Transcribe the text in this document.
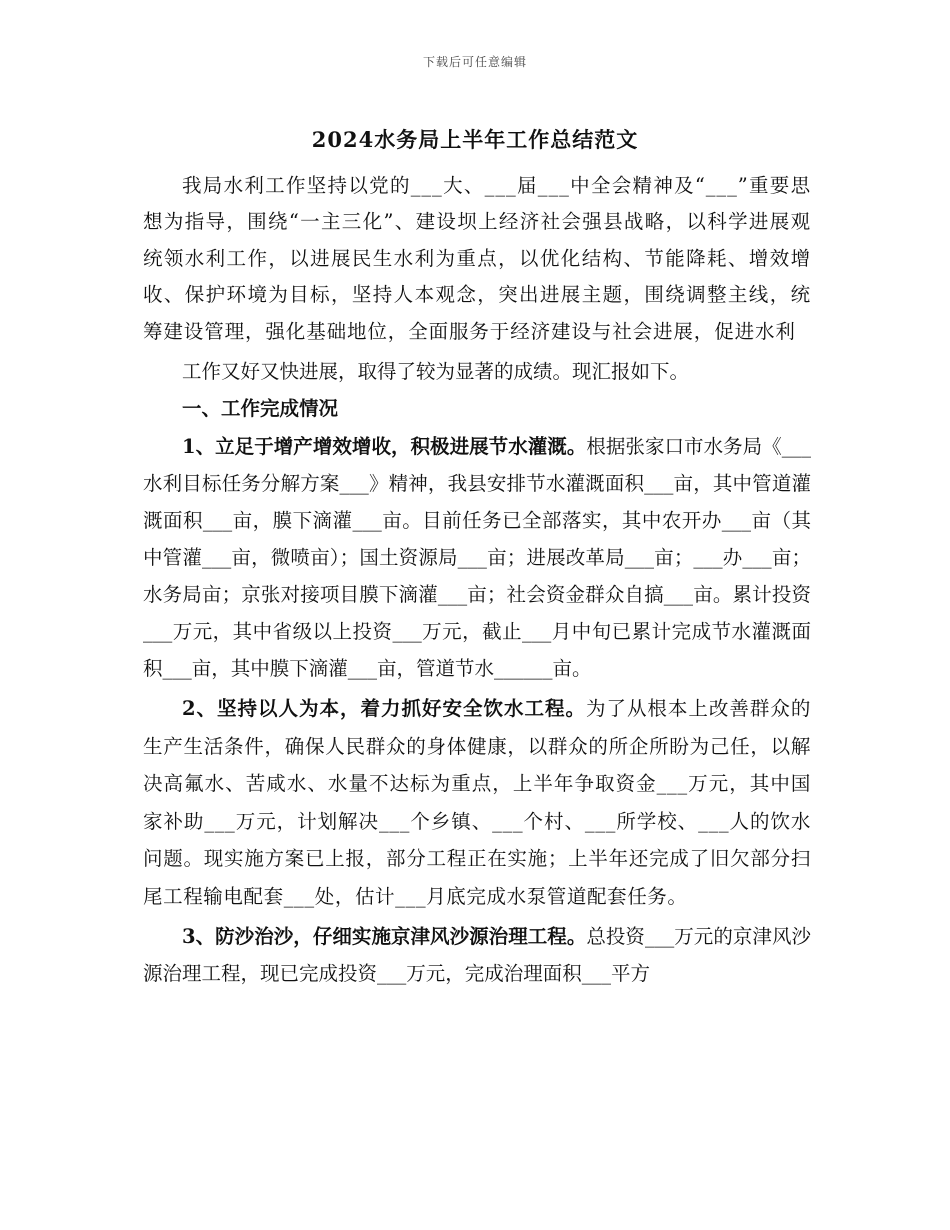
下载后可任意编辑
2024水务局上半年工作总结范文

我局水利工作坚持以党的___大、___届___中全会精神及“___”重要思想为指导，围绕“一主三化”、建设坝上经济社会强县战略，以科学进展观统领水利工作，以进展民生水利为重点，以优化结构、节能降耗、增效增收、保护环境为目标，坚持人本观念，突出进展主题，围绕调整主线，统筹建设管理，强化基础地位，全面服务于经济建设与社会进展，促进水利

工作又好又快进展，取得了较为显著的成绩。现汇报如下。

一、工作完成情况

1、立足于增产增效增收，积极进展节水灌溉。根据张家口市水务局《___水利目标任务分解方案___》精神，我县安排节水灌溉面积___亩，其中管道灌溉面积___亩，膜下滴灌___亩。目前任务已全部落实，其中农开办___亩（其中管灌___亩，微喷亩）；国土资源局___亩；进展改革局___亩；___办___亩；水务局亩；京张对接项目膜下滴灌___亩；社会资金群众自搞___亩。累计投资___万元，其中省级以上投资___万元，截止___月中旬已累计完成节水灌溉面积___亩，其中膜下滴灌___亩，管道节水______亩。

2、坚持以人为本，着力抓好安全饮水工程。为了从根本上改善群众的生产生活条件，确保人民群众的身体健康，以群众的所企所盼为己任，以解决高氟水、苦咸水、水量不达标为重点，上半年争取资金___万元，其中国家补助___万元，计划解决___个乡镇、___个村、___所学校、___人的饮水问题。现实施方案已上报，部分工程正在实施；上半年还完成了旧欠部分扫尾工程输电配套___处，估计___月底完成水泵管道配套任务。

3、防沙治沙，仔细实施京津风沙源治理工程。总投资___万元的京津风沙源治理工程，现已完成投资___万元，完成治理面积___平方
